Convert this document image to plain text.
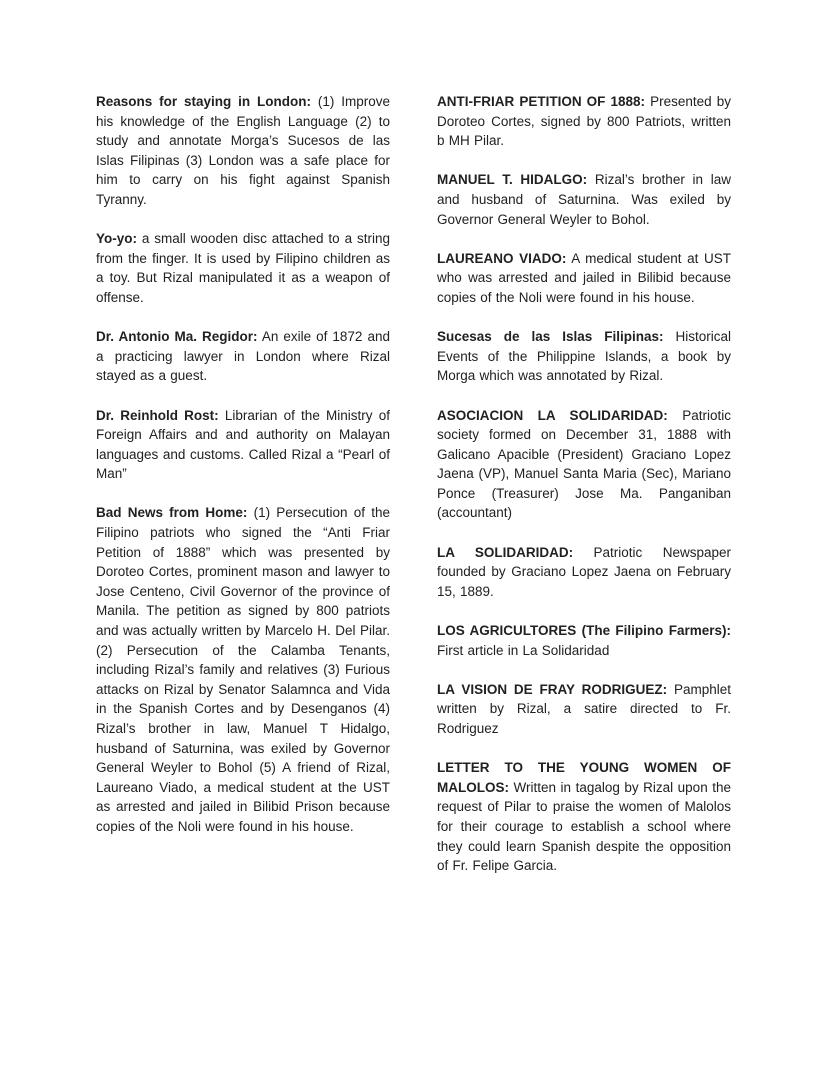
Reasons for staying in London: (1) Improve his knowledge of the English Language (2) to study and annotate Morga’s Sucesos de las Islas Filipinas (3) London was a safe place for him to carry on his fight against Spanish Tyranny.

Yo-yo: a small wooden disc attached to a string from the finger. It is used by Filipino children as a toy. But Rizal manipulated it as a weapon of offense.

Dr. Antonio Ma. Regidor: An exile of 1872 and a practicing lawyer in London where Rizal stayed as a guest.

Dr. Reinhold Rost: Librarian of the Ministry of Foreign Affairs and and authority on Malayan languages and customs. Called Rizal a “Pearl of Man”

Bad News from Home: (1) Persecution of the Filipino patriots who signed the “Anti Friar Petition of 1888” which was presented by Doroteo Cortes, prominent mason and lawyer to Jose Centeno, Civil Governor of the province of Manila. The petition as signed by 800 patriots and was actually written by Marcelo H. Del Pilar. (2) Persecution of the Calamba Tenants, including Rizal’s family and relatives (3) Furious attacks on Rizal by Senator Salamnca and Vida in the Spanish Cortes and by Desenganos (4) Rizal’s brother in law, Manuel T Hidalgo, husband of Saturnina, was exiled by Governor General Weyler to Bohol (5) A friend of Rizal, Laureano Viado, a medical student at the UST as arrested and jailed in Bilibid Prison because copies of the Noli were found in his house.

ANTI-FRIAR PETITION OF 1888: Presented by Doroteo Cortes, signed by 800 Patriots, written b MH Pilar.

MANUEL T. HIDALGO: Rizal’s brother in law and husband of Saturnina. Was exiled by Governor General Weyler to Bohol.

LAUREANO VIADO: A medical student at UST who was arrested and jailed in Bilibid because copies of the Noli were found in his house.

Sucesas de las Islas Filipinas: Historical Events of the Philippine Islands, a book by Morga which was annotated by Rizal.

ASOCIACION LA SOLIDARIDAD: Patriotic society formed on December 31, 1888 with Galicano Apacible (President) Graciano Lopez Jaena (VP), Manuel Santa Maria (Sec), Mariano Ponce (Treasurer) Jose Ma. Panganiban (accountant)

LA SOLIDARIDAD: Patriotic Newspaper founded by Graciano Lopez Jaena on February 15, 1889.

LOS AGRICULTORES (The Filipino Farmers): First article in La Solidaridad

LA VISION DE FRAY RODRIGUEZ: Pamphlet written by Rizal, a satire directed to Fr. Rodriguez

LETTER TO THE YOUNG WOMEN OF MALOLOS: Written in tagalog by Rizal upon the request of Pilar to praise the women of Malolos for their courage to establish a school where they could learn Spanish despite the opposition of Fr. Felipe Garcia.
